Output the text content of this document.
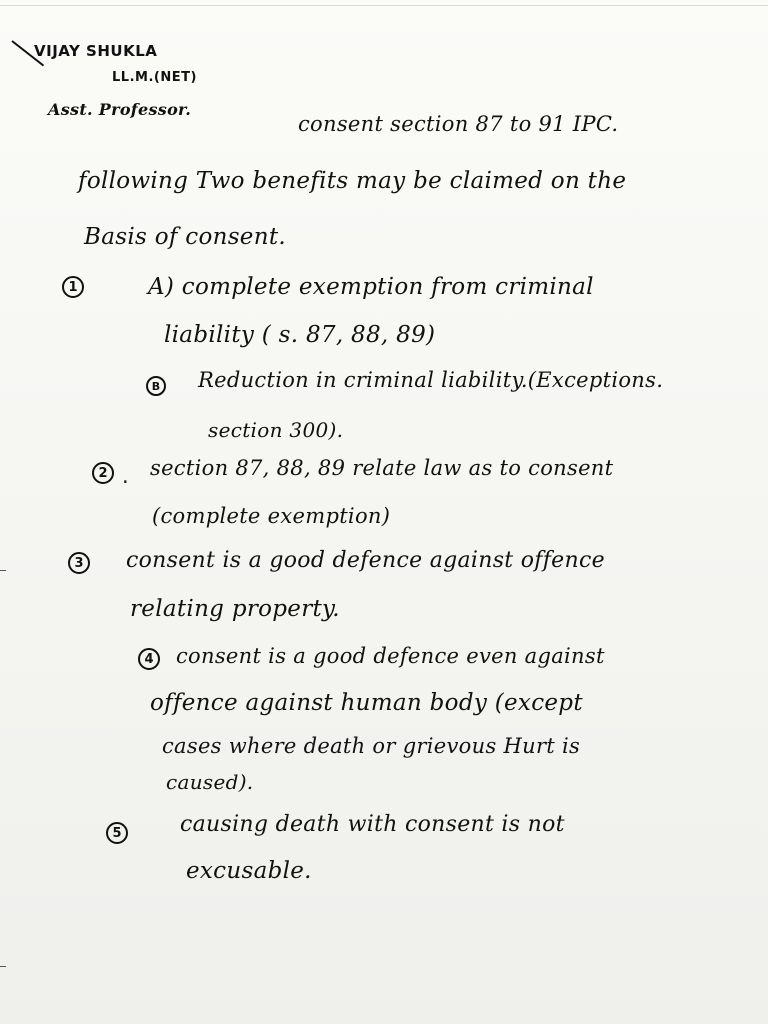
VIJAY SHUKLA
LL.M.(NET)
Asst. Professor.
consent section 87 to 91 IPC.
following Two benefits may be claimed on the
Basis of consent.
1	A) complete exemption from criminal
liability ( s. 87, 88, 89)
B Reduction in criminal liability.(Exceptions.
section 300).
2 . section 87, 88, 89 relate law as to consent
(complete exemption)
3 consent is a good defence against offence
relating property.
4	consent is a good defence even against
offence against human body (except
cases where death or grievous Hurt is
caused).
5	causing death with consent is not
excusable.
